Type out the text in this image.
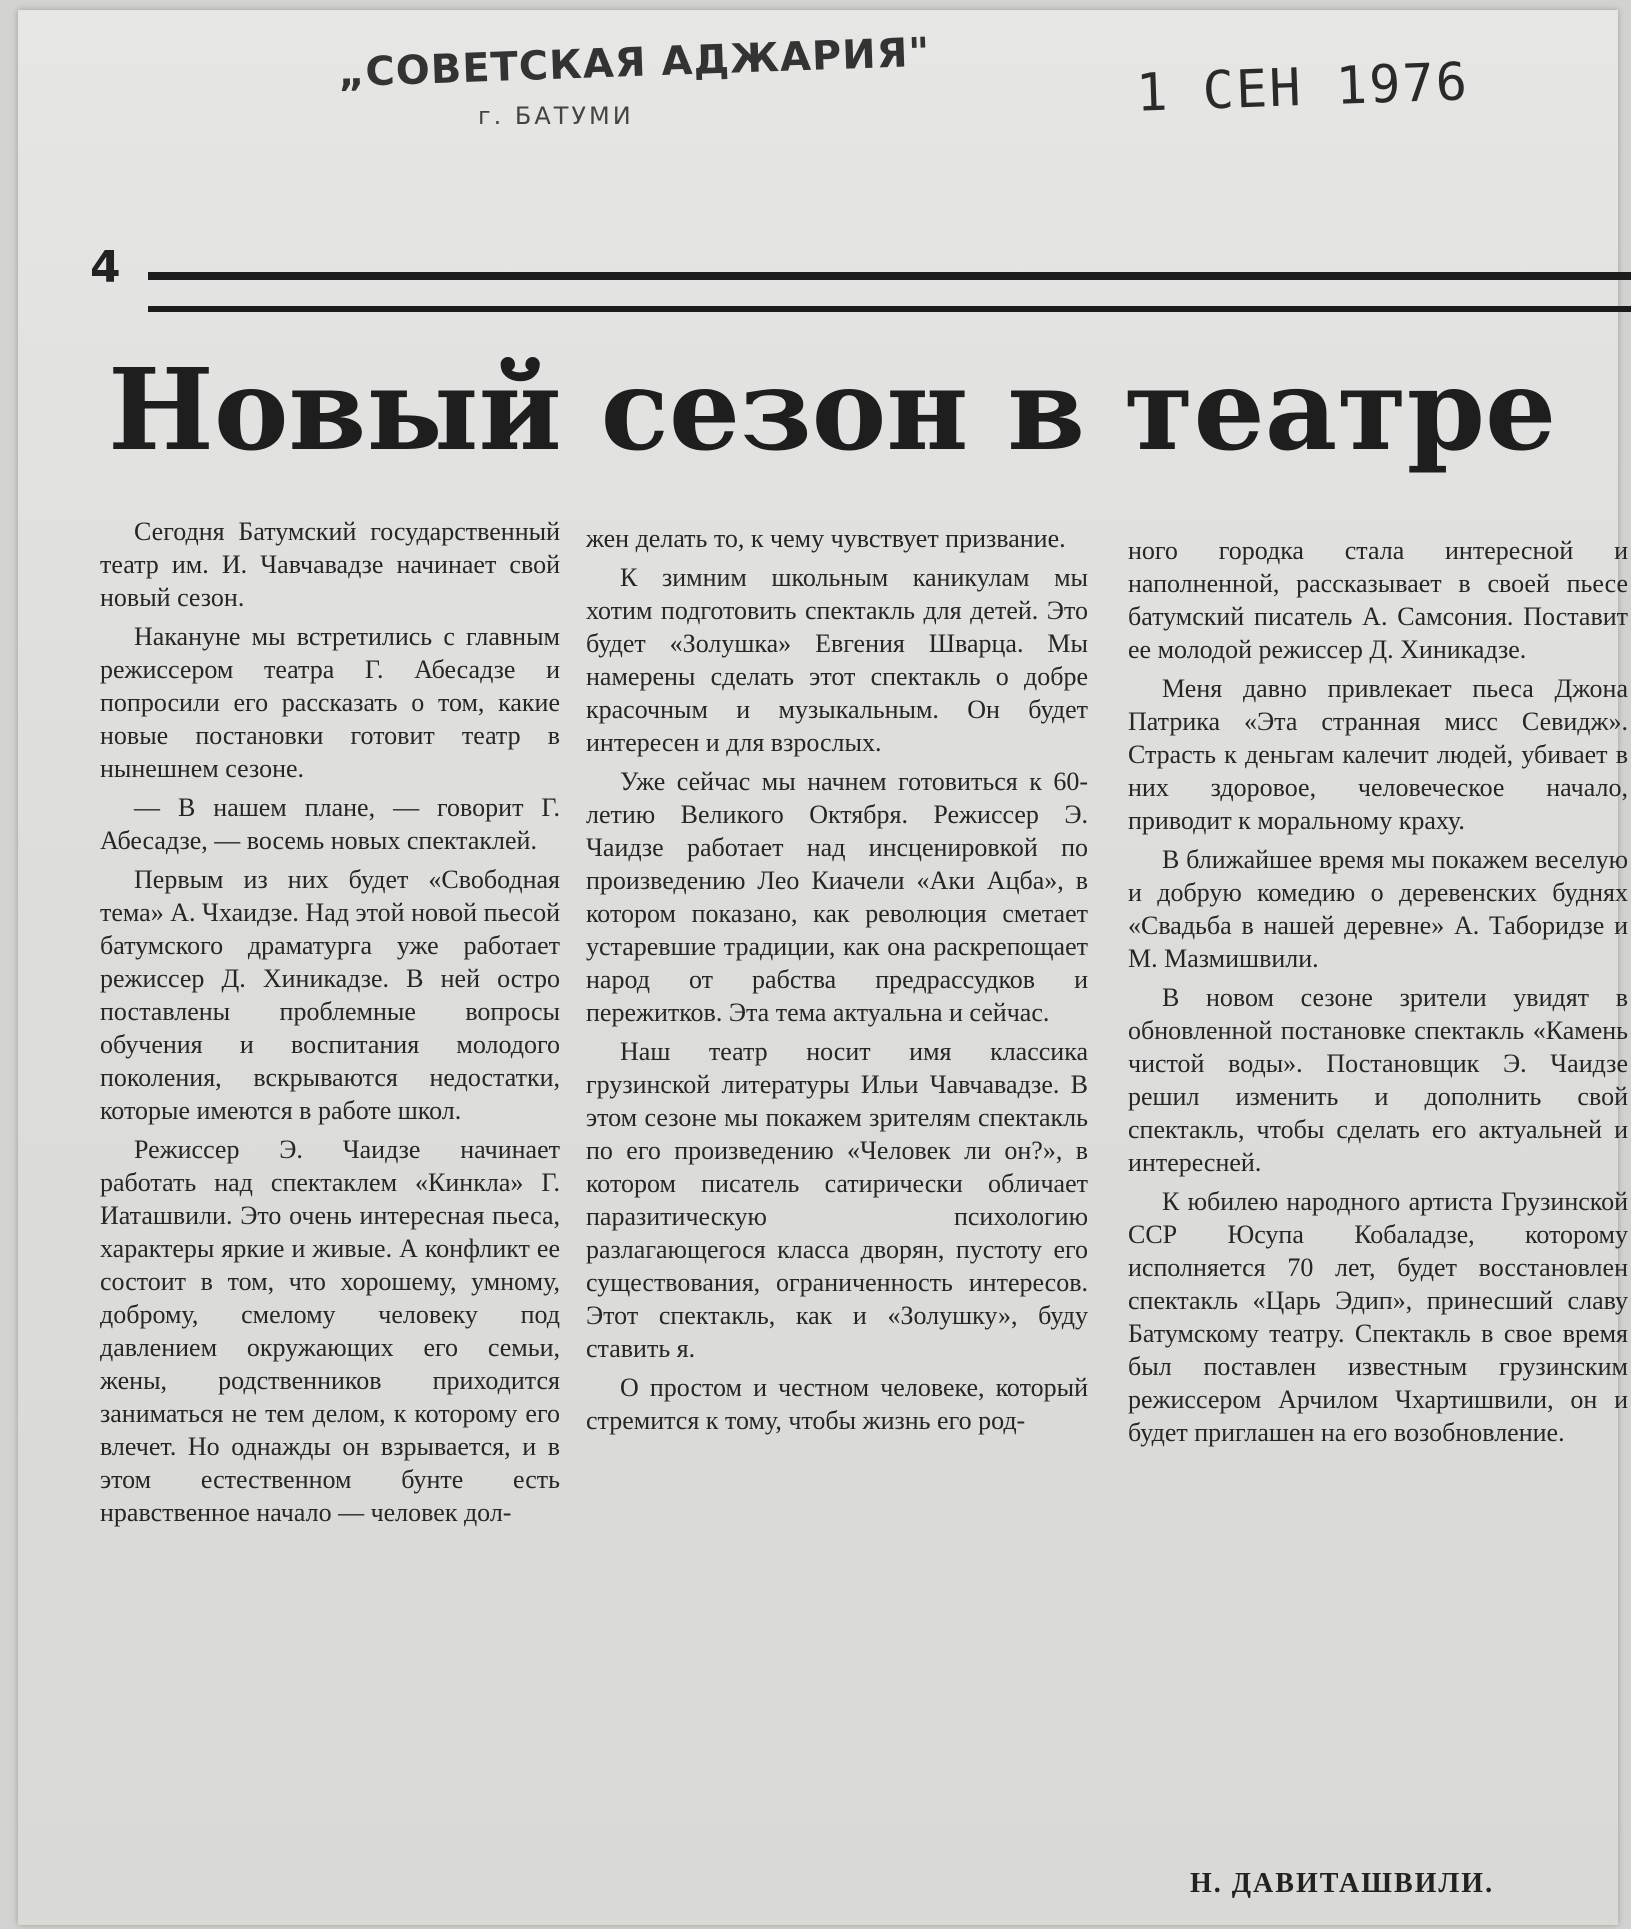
„СОВЕТСКАЯ АДЖАРИЯ"
г. БАТУМИ	1 СЕН 1976
4
Новый сезон в театре

Сегодня Батумский государственный театр им. И. Чавчавадзе начинает свой новый сезон.

Накануне мы встретились с главным режиссером театра Г. Абесадзе и попросили его рассказать о том, какие новые постановки готовит театр в нынешнем сезоне.

— В нашем плане, — говорит Г. Абесадзе, — восемь новых спектаклей.

Первым из них будет «Свободная тема» А. Чхаидзе. Над этой новой пьесой батумского драматурга уже работает режиссер Д. Хиникадзе. В ней остро поставлены проблемные вопросы обучения и воспитания молодого поколения, вскрываются недостатки, которые имеются в работе школ.

Режиссер Э. Чаидзе начинает работать над спектаклем «Кинкла» Г. Иаташвили. Это очень интересная пьеса, характеры яркие и живые. А конфликт ее состоит в том, что хорошему, умному, доброму, смелому человеку под давлением окружающих его семьи, жены, родственников приходится заниматься не тем делом, к которому его влечет. Но однажды он взрывается, и в этом естественном бунте есть нравственное начало — человек дол-

жен делать то, к чему чувствует призвание.

К зимним школьным каникулам мы хотим подготовить спектакль для детей. Это будет «Золушка» Евгения Шварца. Мы намерены сделать этот спектакль о добре красочным и музыкальным. Он будет интересен и для взрослых.

Уже сейчас мы начнем готовиться к 60-летию Великого Октября. Режиссер Э. Чаидзе работает над инсценировкой по произведению Лео Киачели «Аки Ацба», в котором показано, как революция сметает устаревшие традиции, как она раскрепощает народ от рабства предрассудков и пережитков. Эта тема актуальна и сейчас.

Наш театр носит имя классика грузинской литературы Ильи Чавчавадзе. В этом сезоне мы покажем зрителям спектакль по его произведению «Человек ли он?», в котором писатель сатирически обличает паразитическую психологию разлагающегося класса дворян, пустоту его существования, ограниченность интересов. Этот спектакль, как и «Золушку», буду ставить я.

О простом и честном человеке, который стремится к тому, чтобы жизнь его род-

ного городка стала интересной и наполненной, рассказывает в своей пьесе батумский писатель А. Самсония. Поставит ее молодой режиссер Д. Хиникадзе.

Меня давно привлекает пьеса Джона Патрика «Эта странная мисс Севидж». Страсть к деньгам калечит людей, убивает в них здоровое, человеческое начало, приводит к моральному краху.

В ближайшее время мы покажем веселую и добрую комедию о деревенских буднях «Свадьба в нашей деревне» А. Таборидзе и М. Мазмишвили.

В новом сезоне зрители увидят в обновленной постановке спектакль «Камень чистой воды». Постановщик Э. Чаидзе решил изменить и дополнить свой спектакль, чтобы сделать его актуальней и интересней.

К юбилею народного артиста Грузинской ССР Юсупа Кобаладзе, которому исполняется 70 лет, будет восстановлен спектакль «Царь Эдип», принесший славу Батумскому театру. Спектакль в свое время был поставлен известным грузинским режиссером Арчилом Чхартишвили, он и будет приглашен на его возобновление.

Н. ДАВИТАШВИЛИ.
